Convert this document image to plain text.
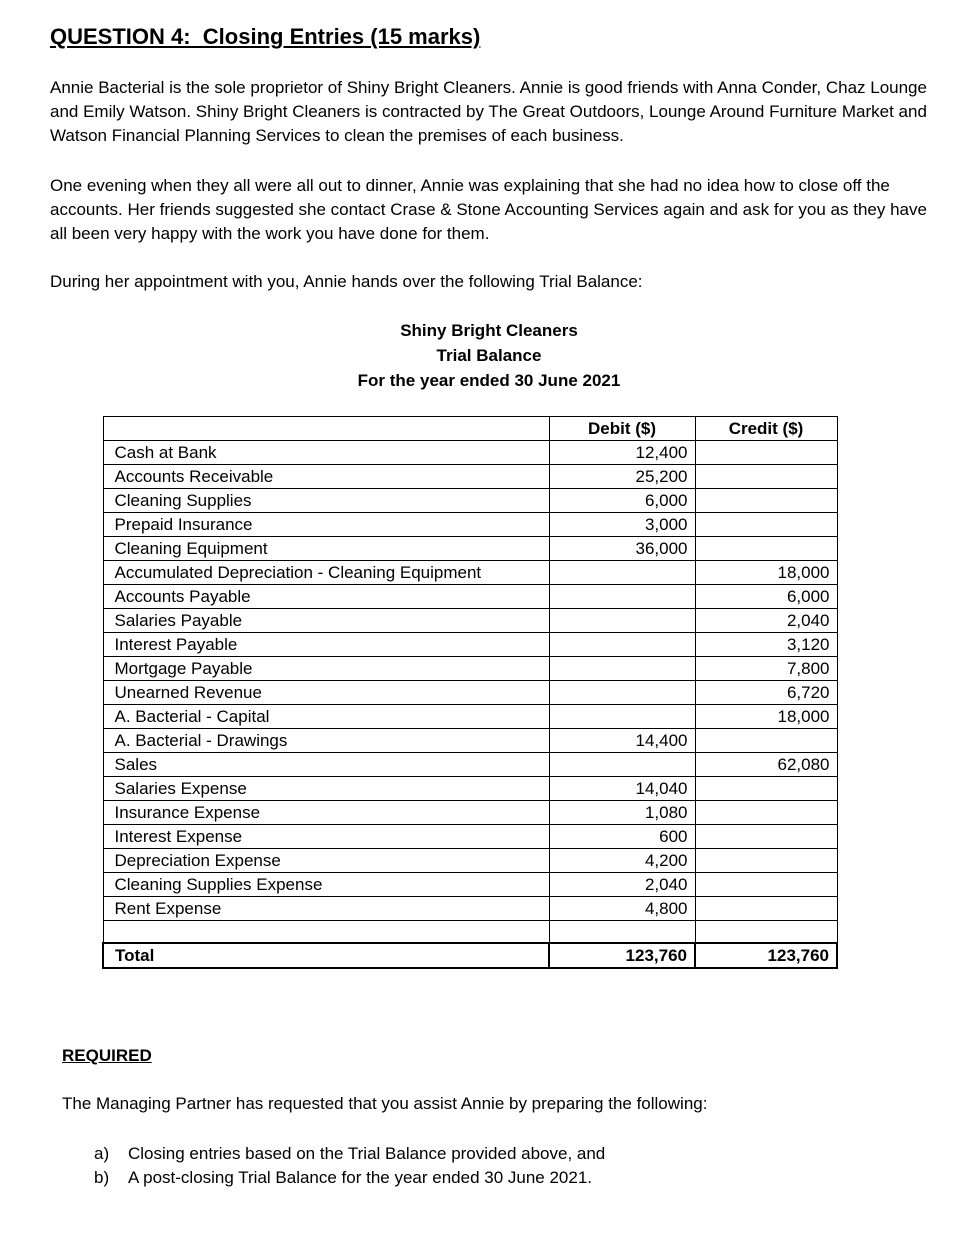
QUESTION 4:  Closing Entries (15 marks)

Annie Bacterial is the sole proprietor of Shiny Bright Cleaners. Annie is good friends with Anna Conder, Chaz Lounge and Emily Watson. Shiny Bright Cleaners is contracted by The Great Outdoors, Lounge Around Furniture Market and Watson Financial Planning Services to clean the premises of each business.

One evening when they all were all out to dinner, Annie was explaining that she had no idea how to close off the accounts. Her friends suggested she contact Crase & Stone Accounting Services again and ask for you as they have all been very happy with the work you have done for them.

During her appointment with you, Annie hands over the following Trial Balance:

Shiny Bright Cleaners
Trial Balance
For the year ended 30 June 2021
	Debit ($)	Credit ($)
Cash at Bank	12,400	
Accounts Receivable	25,200	
Cleaning Supplies	6,000	
Prepaid Insurance	3,000	
Cleaning Equipment	36,000	
Accumulated Depreciation - Cleaning Equipment		18,000
Accounts Payable		6,000
Salaries Payable		2,040
Interest Payable		3,120
Mortgage Payable		7,800
Unearned Revenue		6,720
A. Bacterial - Capital		18,000
A. Bacterial - Drawings	14,400	
Sales		62,080
Salaries Expense	14,040	
Insurance Expense	1,080	
Interest Expense	600	
Depreciation Expense	4,200	
Cleaning Supplies Expense	2,040	
Rent Expense	4,800	

Total	123,760	123,760
REQUIRED
The Managing Partner has requested that you assist Annie by preparing the following:
a)	Closing entries based on the Trial Balance provided above, and
b)	A post-closing Trial Balance for the year ended 30 June 2021.
